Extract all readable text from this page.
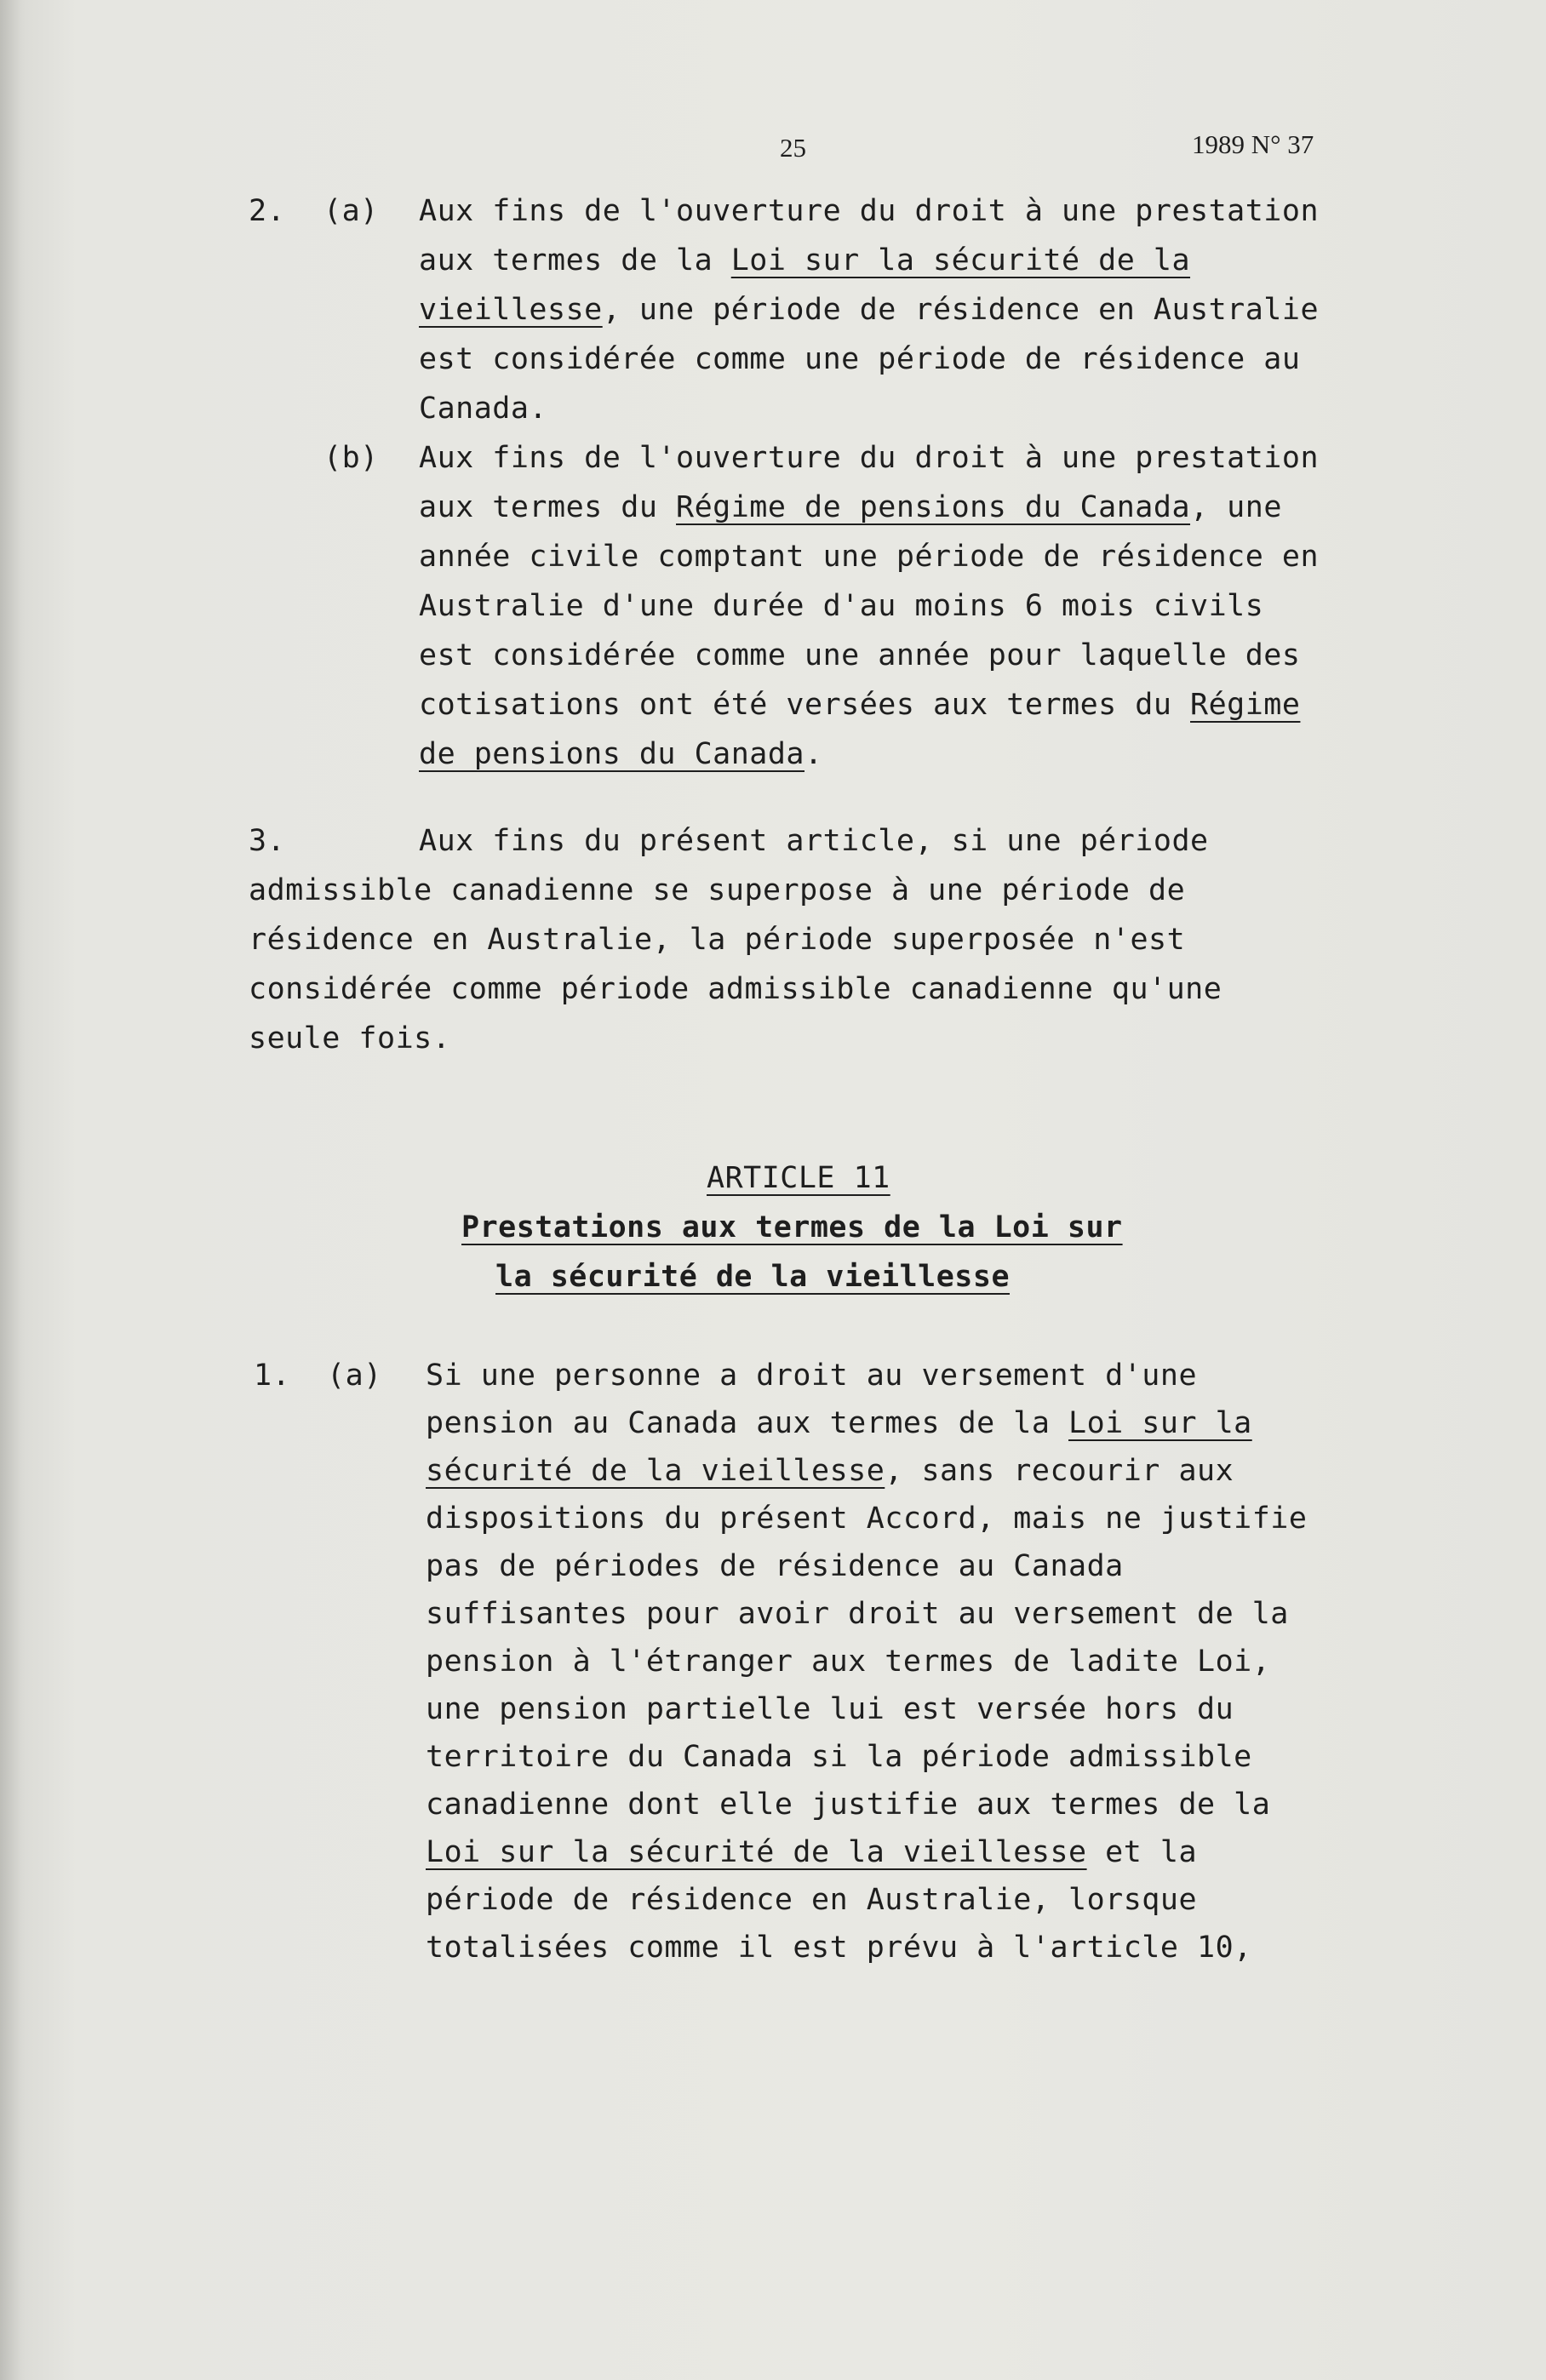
25	1989 N° 37
2. (a) Aux fins de l'ouverture du droit à une prestation
aux termes de la Loi sur la sécurité de la
vieillesse, une période de résidence en Australie
est considérée comme une période de résidence au
Canada.
(b) Aux fins de l'ouverture du droit à une prestation
aux termes du Régime de pensions du Canada, une
année civile comptant une période de résidence en
Australie d'une durée d'au moins 6 mois civils
est considérée comme une année pour laquelle des
cotisations ont été versées aux termes du Régime
de pensions du Canada.
3.	Aux fins du présent article, si une période
admissible canadienne se superpose à une période de
résidence en Australie, la période superposée n'est
considérée comme période admissible canadienne qu'une
seule fois.
ARTICLE 11
Prestations aux termes de la Loi sur
la sécurité de la vieillesse
1. (a) Si une personne a droit au versement d'une
pension au Canada aux termes de la Loi sur la
sécurité de la vieillesse, sans recourir aux
dispositions du présent Accord, mais ne justifie
pas de périodes de résidence au Canada
suffisantes pour avoir droit au versement de la
pension à l'étranger aux termes de ladite Loi,
une pension partielle lui est versée hors du
territoire du Canada si la période admissible
canadienne dont elle justifie aux termes de la
Loi sur la sécurité de la vieillesse et la
période de résidence en Australie, lorsque
totalisées comme il est prévu à l'article 10,
